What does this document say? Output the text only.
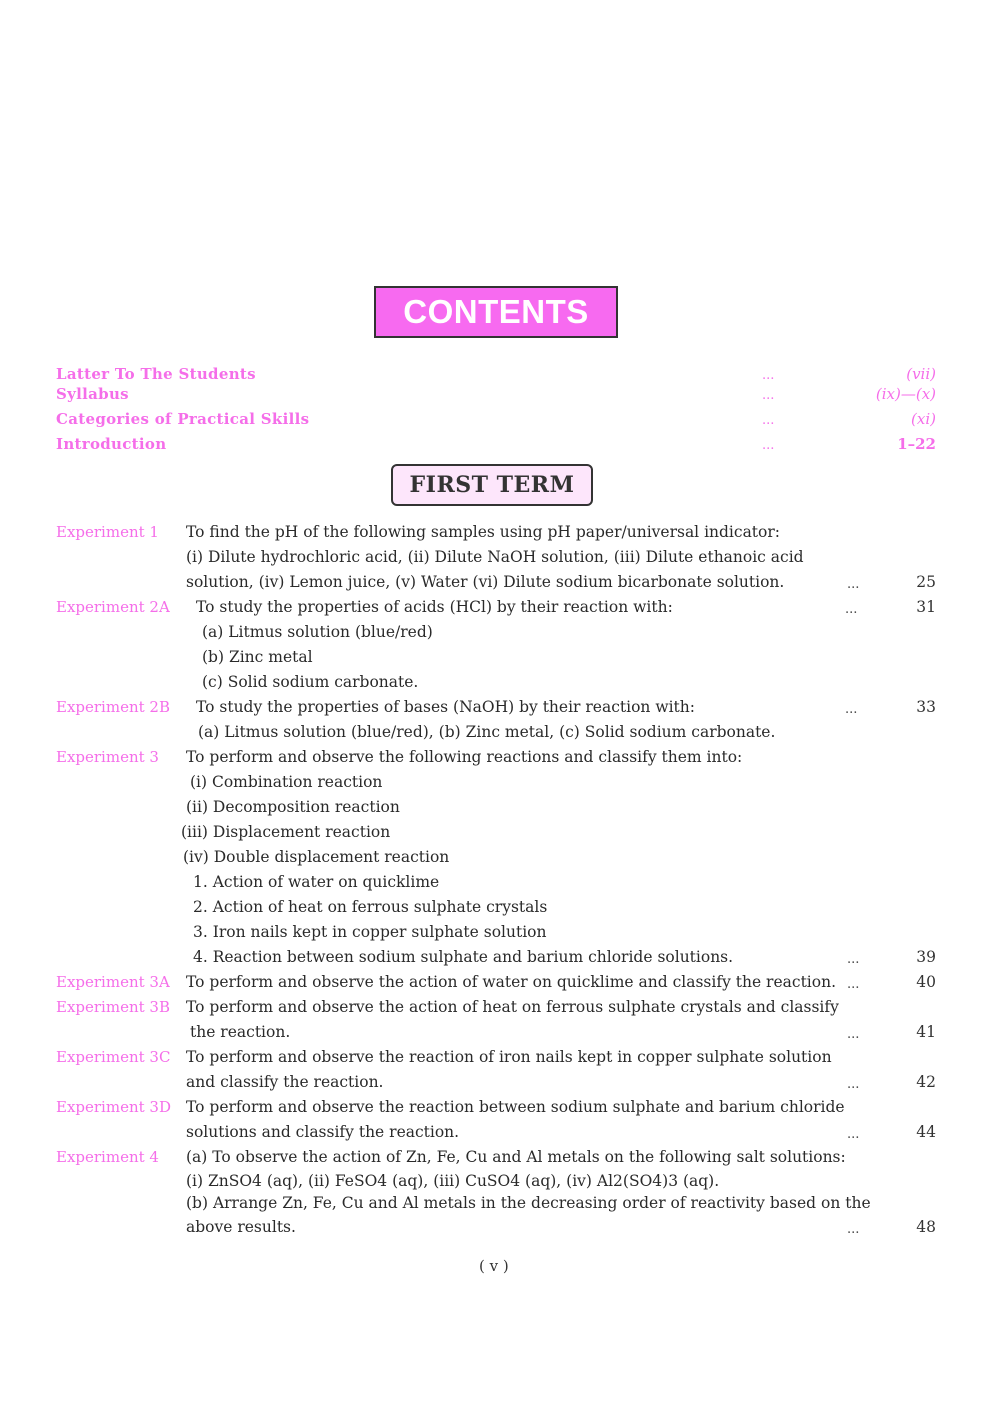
CONTENTS
Latter To The Students	...	(vii)
Syllabus	...	(ix)—(x)
Categories of Practical Skills	...	(xi)
Introduction	...	1–22
FIRST TERM
Experiment 1 To find the pH of the following samples using pH paper/universal indicator:
(i) Dilute hydrochloric acid, (ii) Dilute NaOH solution, (iii) Dilute ethanoic acid
solution, (iv) Lemon juice, (v) Water (vi) Dilute sodium bicarbonate solution.	...	25
Experiment 2A To study the properties of acids (HCl) by their reaction with:	...	31
(a) Litmus solution (blue/red)
(b) Zinc metal
(c) Solid sodium carbonate.
Experiment 2B To study the properties of bases (NaOH) by their reaction with:	...	33
(a) Litmus solution (blue/red), (b) Zinc metal, (c) Solid sodium carbonate.
Experiment 3 To perform and observe the following reactions and classify them into:
(i) Combination reaction
(ii) Decomposition reaction
(iii) Displacement reaction
(iv) Double displacement reaction
1. Action of water on quicklime
2. Action of heat on ferrous sulphate crystals
3. Iron nails kept in copper sulphate solution
4. Reaction between sodium sulphate and barium chloride solutions.	...	39
Experiment 3A To perform and observe the action of water on quicklime and classify the reaction. ...	40
Experiment 3B To perform and observe the action of heat on ferrous sulphate crystals and classify
the reaction.	...	41
Experiment 3C To perform and observe the reaction of iron nails kept in copper sulphate solution
and classify the reaction.	...	42
Experiment 3D To perform and observe the reaction between sodium sulphate and barium chloride
solutions and classify the reaction.	...	44
Experiment 4 (a) To observe the action of Zn, Fe, Cu and Al metals on the following salt solutions:
(i) ZnSO4 (aq), (ii) FeSO4 (aq), (iii) CuSO4 (aq), (iv) Al2(SO4)3 (aq).
(b) Arrange Zn, Fe, Cu and Al metals in the decreasing order of reactivity based on the
above results.	...	48
( v )
